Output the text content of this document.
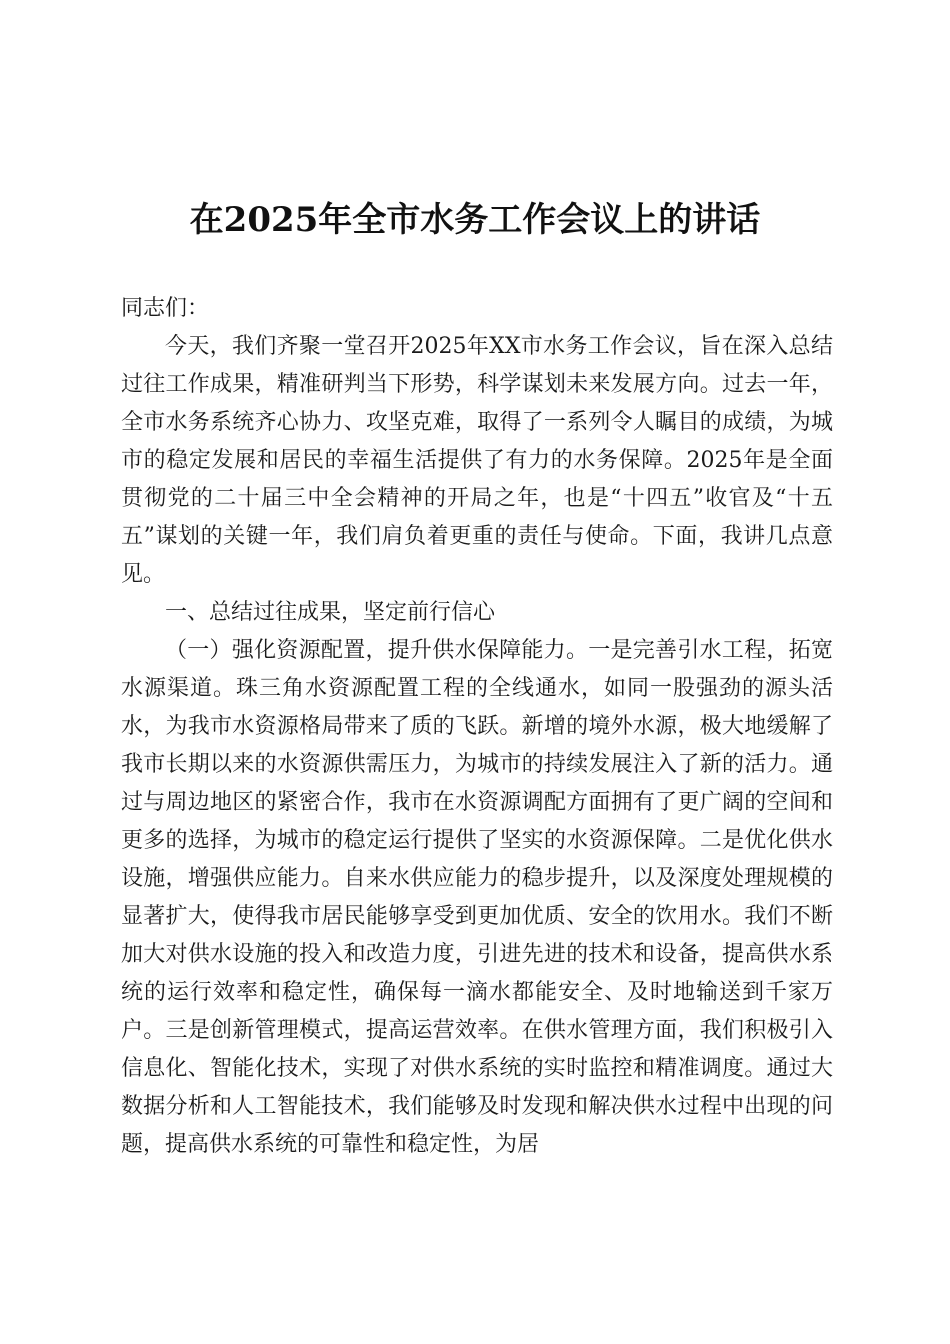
在2025年全市水务工作会议上的讲话

同志们：

今天，我们齐聚一堂召开2025年XX市水务工作会议，旨在深入总结过往工作成果，精准研判当下形势，科学谋划未来发展方向。过去一年，全市水务系统齐心协力、攻坚克难，取得了一系列令人瞩目的成绩，为城市的稳定发展和居民的幸福生活提供了有力的水务保障。2025年是全面贯彻党的二十届三中全会精神的开局之年，也是“十四五”收官及“十五五”谋划的关键一年，我们肩负着更重的责任与使命。下面，我讲几点意见。

一、总结过往成果，坚定前行信心

（一）强化资源配置，提升供水保障能力。一是完善引水工程，拓宽水源渠道。珠三角水资源配置工程的全线通水，如同一股强劲的源头活水，为我市水资源格局带来了质的飞跃。新增的境外水源，极大地缓解了我市长期以来的水资源供需压力，为城市的持续发展注入了新的活力。通过与周边地区的紧密合作，我市在水资源调配方面拥有了更广阔的空间和更多的选择，为城市的稳定运行提供了坚实的水资源保障。二是优化供水设施，增强供应能力。自来水供应能力的稳步提升，以及深度处理规模的显著扩大，使得我市居民能够享受到更加优质、安全的饮用水。我们不断加大对供水设施的投入和改造力度，引进先进的技术和设备，提高供水系统的运行效率和稳定性，确保每一滴水都能安全、及时地输送到千家万户。三是创新管理模式，提高运营效率。在供水管理方面，我们积极引入信息化、智能化技术，实现了对供水系统的实时监控和精准调度。通过大数据分析和人工智能技术，我们能够及时发现和解决供水过程中出现的问题，提高供水系统的可靠性和稳定性，为居
